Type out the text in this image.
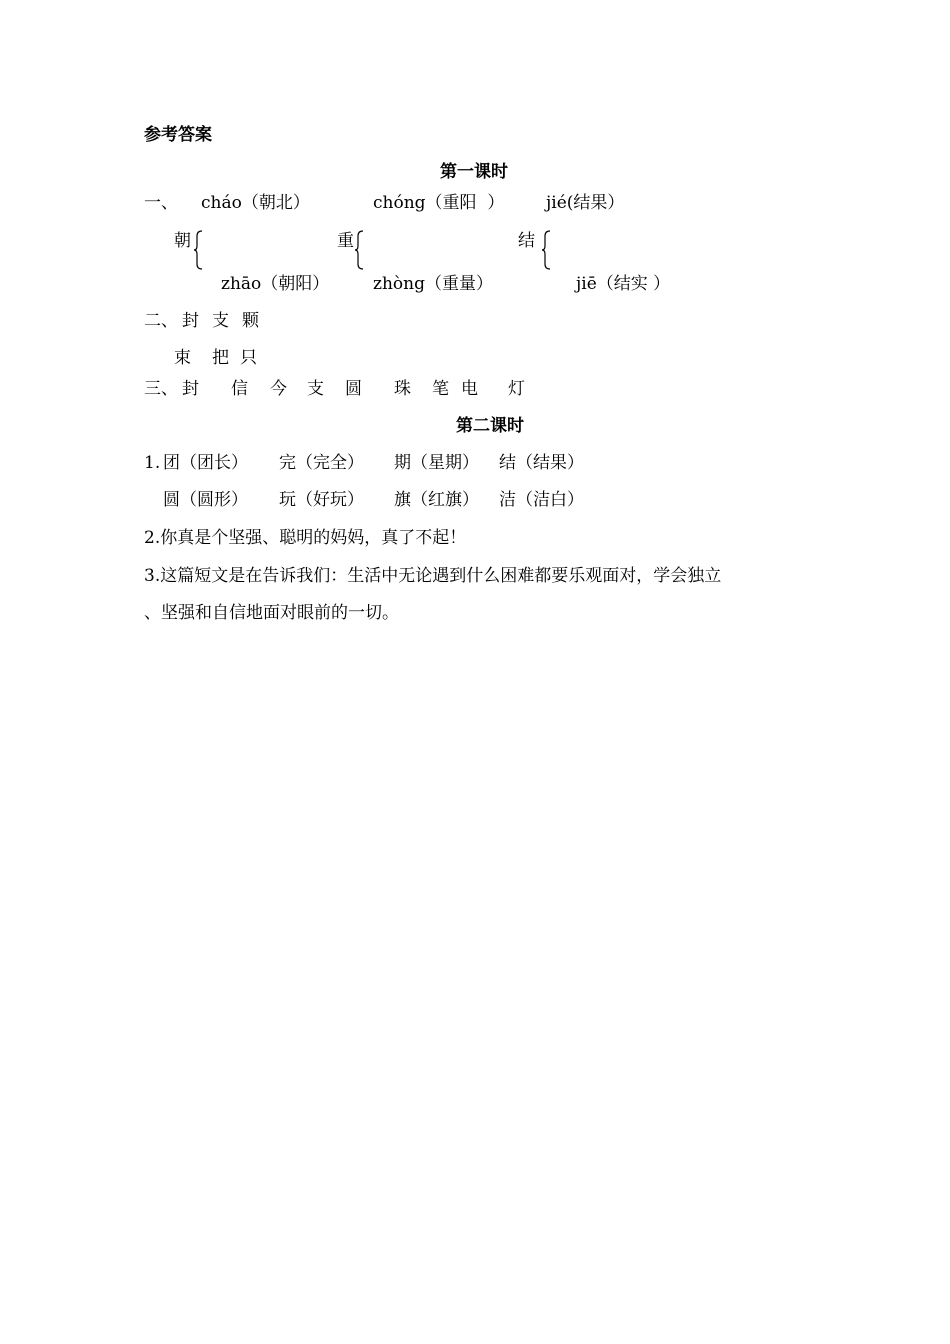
参考答案
第一课时
一、 cháo（朝北）	chóng（重阳  ） jié(结果）
朝	重	结
zhāo（朝阳）	zhòng（重量）	jiē（结实 ）
二、 封 支 颗
束 把 只
三、 封 信 今 支 圆 珠 笔 电 灯
第二课时
1. 团（团长） 完（完全） 期（星期） 结（结果）
圆（圆形） 玩（好玩） 旗（红旗） 洁（洁白）
2.你真是个坚强、聪明的妈妈，真了不起！
3.这篇短文是在告诉我们：生活中无论遇到什么困难都要乐观面对，学会独立
、坚强和自信地面对眼前的一切。
